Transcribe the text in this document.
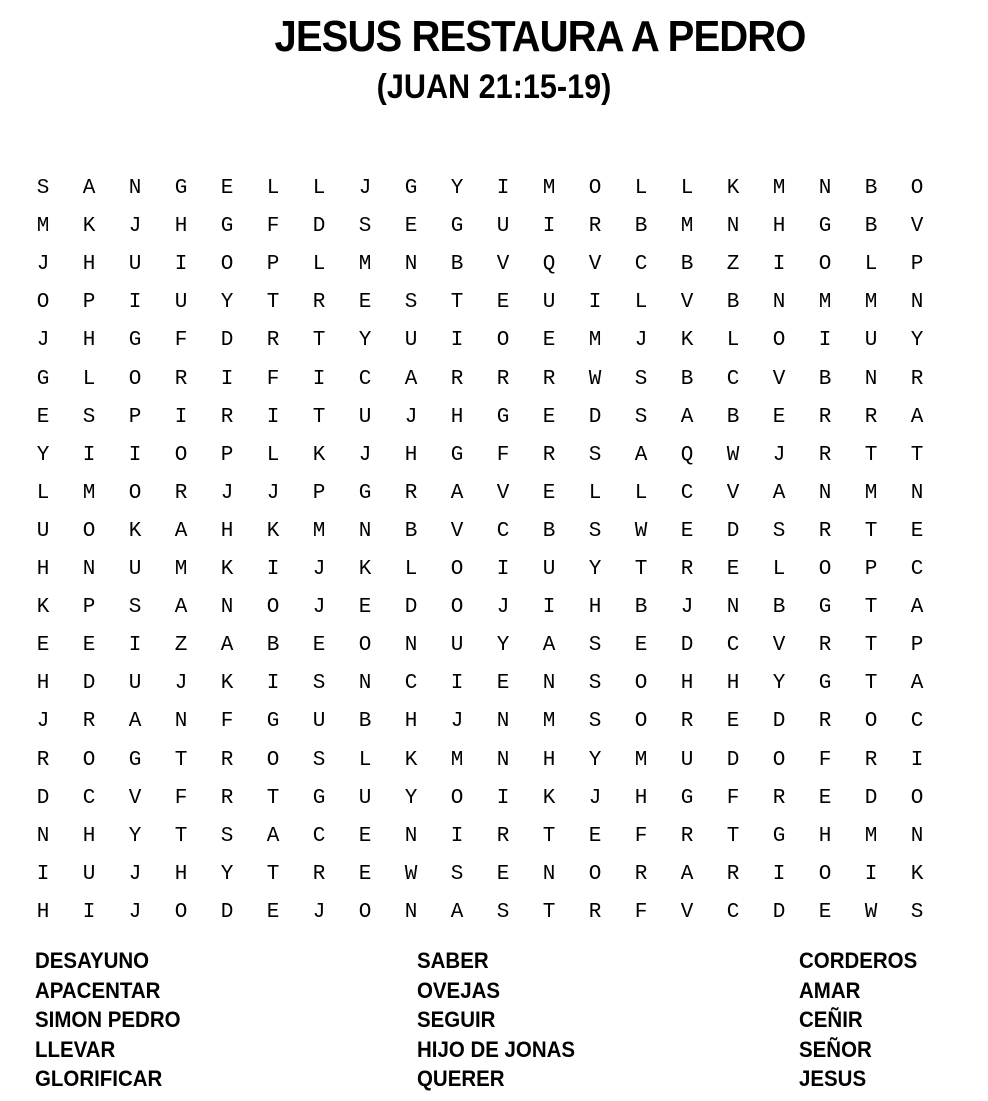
JESUS RESTAURA A PEDRO
(JUAN 21:15-19)
S	A	N	G	E	L	L	J	G	Y	I	M	O	L	L	K	M	N	B	O
M	K	J	H	G	F	D	S	E	G	U	I	R	B	M	N	H	G	B	V
J	H	U	I	O	P	L	M	N	B	V	Q	V	C	B	Z	I	O	L	P
O	P	I	U	Y	T	R	E	S	T	E	U	I	L	V	B	N	M	M	N
J	H	G	F	D	R	T	Y	U	I	O	E	M	J	K	L	O	I	U	Y
G	L	O	R	I	F	I	C	A	R	R	R	W	S	B	C	V	B	N	R
E	S	P	I	R	I	T	U	J	H	G	E	D	S	A	B	E	R	R	A
Y	I	I	O	P	L	K	J	H	G	F	R	S	A	Q	W	J	R	T	T
L	M	O	R	J	J	P	G	R	A	V	E	L	L	C	V	A	N	M	N
U	O	K	A	H	K	M	N	B	V	C	B	S	W	E	D	S	R	T	E
H	N	U	M	K	I	J	K	L	O	I	U	Y	T	R	E	L	O	P	C
K	P	S	A	N	O	J	E	D	O	J	I	H	B	J	N	B	G	T	A
E	E	I	Z	A	B	E	O	N	U	Y	A	S	E	D	C	V	R	T	P
H	D	U	J	K	I	S	N	C	I	E	N	S	O	H	H	Y	G	T	A
J	R	A	N	F	G	U	B	H	J	N	M	S	O	R	E	D	R	O	C
R	O	G	T	R	O	S	L	K	M	N	H	Y	M	U	D	O	F	R	I
D	C	V	F	R	T	G	U	Y	O	I	K	J	H	G	F	R	E	D	O
N	H	Y	T	S	A	C	E	N	I	R	T	E	F	R	T	G	H	M	N
I	U	J	H	Y	T	R	E	W	S	E	N	O	R	A	R	I	O	I	K
H	I	J	O	D	E	J	O	N	A	S	T	R	F	V	C	D	E	W	S
DESAYUNO
APACENTAR
SIMON PEDRO
LLEVAR
GLORIFICAR
SABER
OVEJAS
SEGUIR
HIJO DE JONAS
QUERER
CORDEROS
AMAR
CEÑIR
SEÑOR
JESUS
